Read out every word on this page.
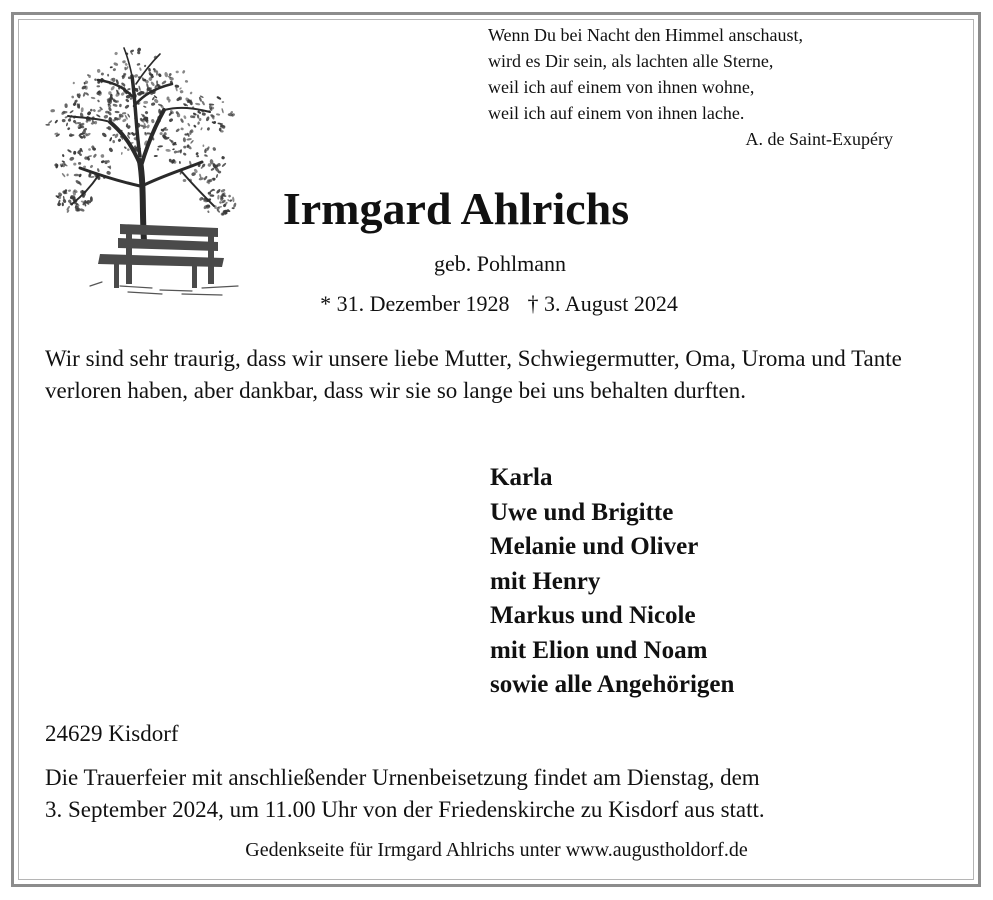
Wenn Du bei Nacht den Himmel anschaust,
wird es Dir sein, als lachten alle Sterne,
weil ich auf einem von ihnen wohne,
weil ich auf einem von ihnen lache.
A. de Saint-Exupéry
Irmgard Ahlrichs
geb. Pohlmann
* 31. Dezember 1928 † 3. August 2024
Wir sind sehr traurig, dass wir unsere liebe Mutter, Schwiegermutter, Oma, Uroma und Tante verloren haben, aber dankbar, dass wir sie so lange bei uns behalten durften.
Karla
Uwe und Brigitte
Melanie und Oliver
mit Henry
Markus und Nicole
mit Elion und Noam
sowie alle Angehörigen
24629 Kisdorf
Die Trauerfeier mit anschließender Urnenbeisetzung findet am Dienstag, dem
3. September 2024, um 11.00 Uhr von der Friedenskirche zu Kisdorf aus statt.
Gedenkseite für Irmgard Ahlrichs unter www.augustholdorf.de
